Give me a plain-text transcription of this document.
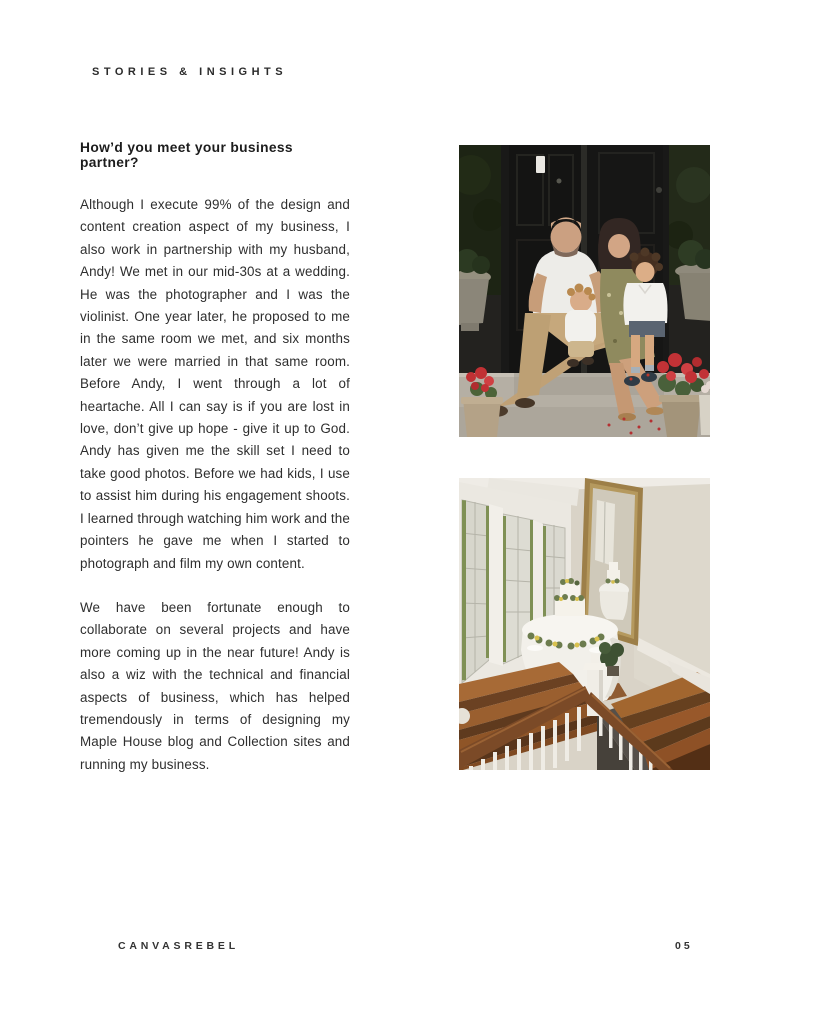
STORIES & INSIGHTS
How’d you meet your business partner?

Although I execute 99% of the design and content creation aspect of my business, I also work in partnership with my husband, Andy! We met in our mid-30s at a wedding. He was the photographer and I was the violinist. One year later, he proposed to me in the same room we met, and six months later we were married in that same room. Before Andy, I went through a lot of heartache. All I can say is if you are lost in love, don’t give up hope - give it up to God. Andy has given me the skill set I need to take good photos. Before we had kids, I use to assist him during his engagement shoots. I learned through watching him work and the pointers he gave me when I started to photograph and film my own content.

We have been fortunate enough to collaborate on several projects and have more coming up in the near future! Andy is also a wiz with the technical and financial aspects of business, which has helped tremendously in terms of designing my Maple House blog and Collection sites and running my business.

CANVASREBEL	05
